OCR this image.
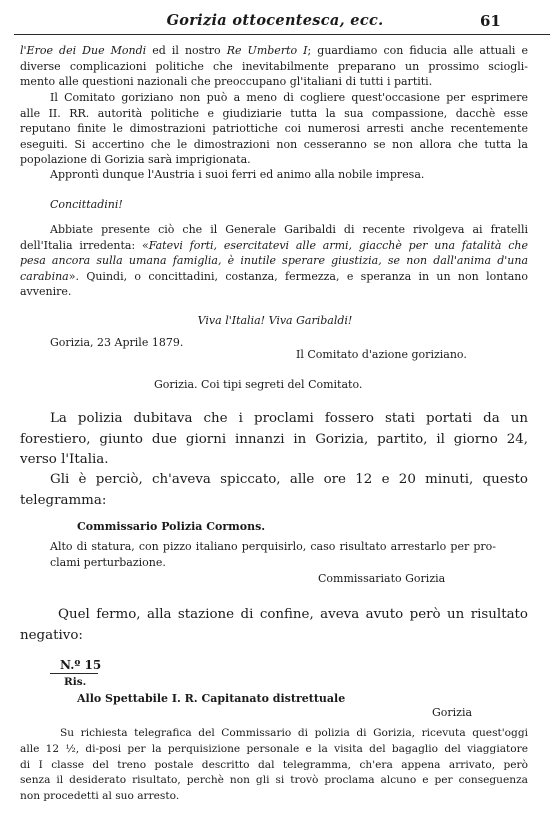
Gorizia ottocentesca, ecc.	61
l'Eroe dei Due Mondi ed il nostro Re Umberto I; guardiamo con fiducia alle attuali e
diverse complicazioni politiche che inevitabilmente preparano un prossimo sciogli-
mento alle questioni nazionali che preoccupano gl'italiani di tutti i partiti.
Il Comitato goriziano non può a meno di cogliere quest'occasione per esprimere
alle II. RR. autorità politiche e giudiziarie tutta la sua compassione, dacchè esse
reputano finite le dimostrazioni patriottiche coi numerosi arresti anche recentemente
eseguiti. Si accertino che le dimostrazioni non cesseranno se non allora che tutta la
popolazione di Gorizia sarà imprigionata.
Approntì dunque l'Austria i suoi ferri ed animo alla nobile impresa.
Concittadini!
Abbiate presente ciò che il Generale Garibaldi di recente rivolgeva ai fratelli
dell'Italia irredenta: «Fatevi forti, esercitatevi alle armi, giacchè per una fatalità che
pesa ancora sulla umana famiglia, è inutile sperare giustizia, se non dall'anima d'una
carabina». Quindi, o concittadini, costanza, fermezza, e speranza in un non lontano
avvenire.
Viva l'Italia! Viva Garibaldi!
Gorizia, 23 Aprile 1879.
Il Comitato d'azione goriziano.
Gorizia. Coi tipi segreti del Comitato.
La polizia dubitava che i proclami fossero stati portati da un
forestiero, giunto due giorni innanzi in Gorizia, partito, il giorno 24,
verso l'Italia.
Gli è perciò, ch'aveva spiccato, alle ore 12 e 20 minuti, questo
telegramma:
Commissario Polizia Cormons.
Alto di statura, con pizzo italiano perquisirlo, caso risultato arrestarlo per pro-
clami perturbazione.
Commissariato Gorizia
Quel fermo, alla stazione di confine, aveva avuto però un risultato
negativo:
N.º 15
Ris.
Allo Spettabile I. R. Capitanato distrettuale
Gorizia
Su richiesta telegrafica del Commissario di polizia di Gorizia, ricevuta quest'oggi
alle 12 ½, di-posi per la perquisizione personale e la visita del bagaglio del viaggiatore
di I classe del treno postale descritto dal telegramma, ch'era appena arrivato, però
senza il desiderato risultato, perchè non gli si trovò proclama alcuno e per conseguenza
non procedetti al suo arresto.
